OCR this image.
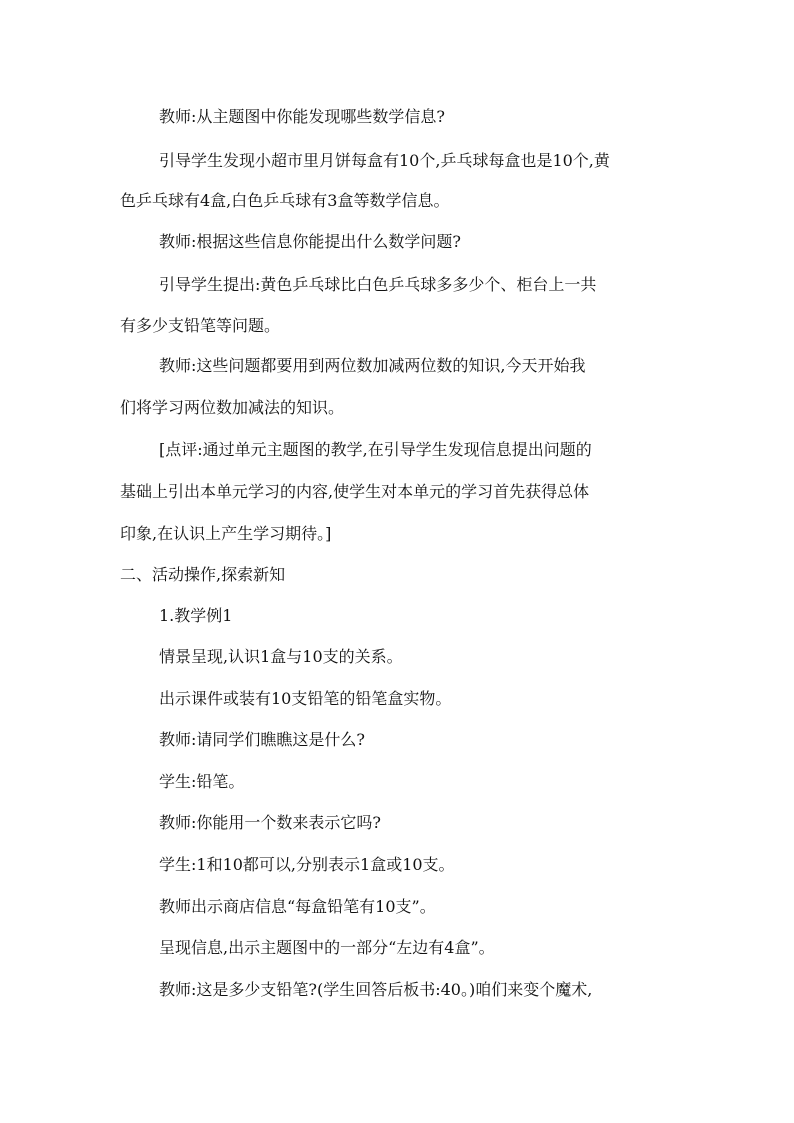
教师:从主题图中你能发现哪些数学信息?
引导学生发现小超市里月饼每盒有10个,乒乓球每盒也是10个,黄
色乒乓球有4盒,白色乒乓球有3盒等数学信息。
教师:根据这些信息你能提出什么数学问题?
引导学生提出:黄色乒乓球比白色乒乓球多多少个、柜台上一共
有多少支铅笔等问题。
教师:这些问题都要用到两位数加减两位数的知识,今天开始我
们将学习两位数加减法的知识。
[点评:通过单元主题图的教学,在引导学生发现信息提出问题的
基础上引出本单元学习的内容,使学生对本单元的学习首先获得总体
印象,在认识上产生学习期待。]
二、活动操作,探索新知
1.教学例1
情景呈现,认识1盒与10支的关系。
出示课件或装有10支铅笔的铅笔盒实物。
教师:请同学们瞧瞧这是什么?
学生:铅笔。
教师:你能用一个数来表示它吗?
学生:1和10都可以,分别表示1盒或10支。
教师出示商店信息“每盒铅笔有10支”。
呈现信息,出示主题图中的一部分“左边有4盒”。
教师:这是多少支铅笔?(学生回答后板书:40。)咱们来变个魔术,
